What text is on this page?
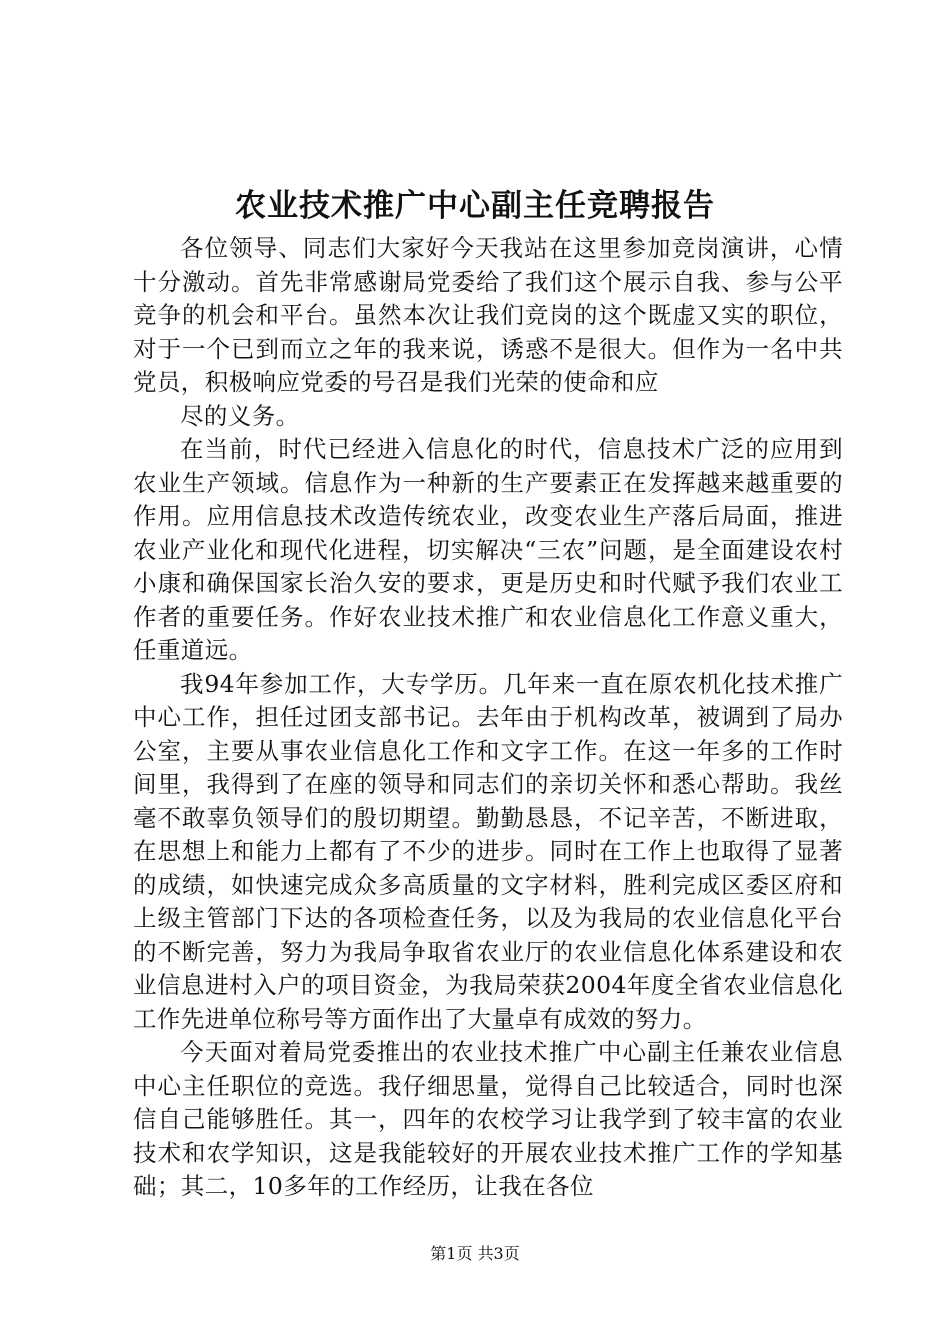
农业技术推广中心副主任竞聘报告

各位领导、同志们大家好今天我站在这里参加竞岗演讲，心情十分激动。首先非常感谢局党委给了我们这个展示自我、参与公平竞争的机会和平台。虽然本次让我们竞岗的这个既虚又实的职位，对于一个已到而立之年的我来说，诱惑不是很大。但作为一名中共党员，积极响应党委的号召是我们光荣的使命和应

尽的义务。

在当前，时代已经进入信息化的时代，信息技术广泛的应用到农业生产领域。信息作为一种新的生产要素正在发挥越来越重要的作用。应用信息技术改造传统农业，改变农业生产落后局面，推进农业产业化和现代化进程，切实解决“三农”问题，是全面建设农村小康和确保国家长治久安的要求，更是历史和时代赋予我们农业工作者的重要任务。作好农业技术推广和农业信息化工作意义重大，任重道远。

我94年参加工作，大专学历。几年来一直在原农机化技术推广中心工作，担任过团支部书记。去年由于机构改革，被调到了局办公室，主要从事农业信息化工作和文字工作。在这一年多的工作时间里，我得到了在座的领导和同志们的亲切关怀和悉心帮助。我丝毫不敢辜负领导们的殷切期望。勤勤恳恳，不记辛苦，不断进取，在思想上和能力上都有了不少的进步。同时在工作上也取得了显著的成绩，如快速完成众多高质量的文字材料，胜利完成区委区府和上级主管部门下达的各项检查任务，以及为我局的农业信息化平台的不断完善，努力为我局争取省农业厅的农业信息化体系建设和农业信息进村入户的项目资金，为我局荣获2004年度全省农业信息化工作先进单位称号等方面作出了大量卓有成效的努力。

今天面对着局党委推出的农业技术推广中心副主任兼农业信息中心主任职位的竞选。我仔细思量，觉得自己比较适合，同时也深信自己能够胜任。其一，四年的农校学习让我学到了较丰富的农业技术和农学知识，这是我能较好的开展农业技术推广工作的学知基础；其二，10多年的工作经历，让我在各位

第1页 共3页
